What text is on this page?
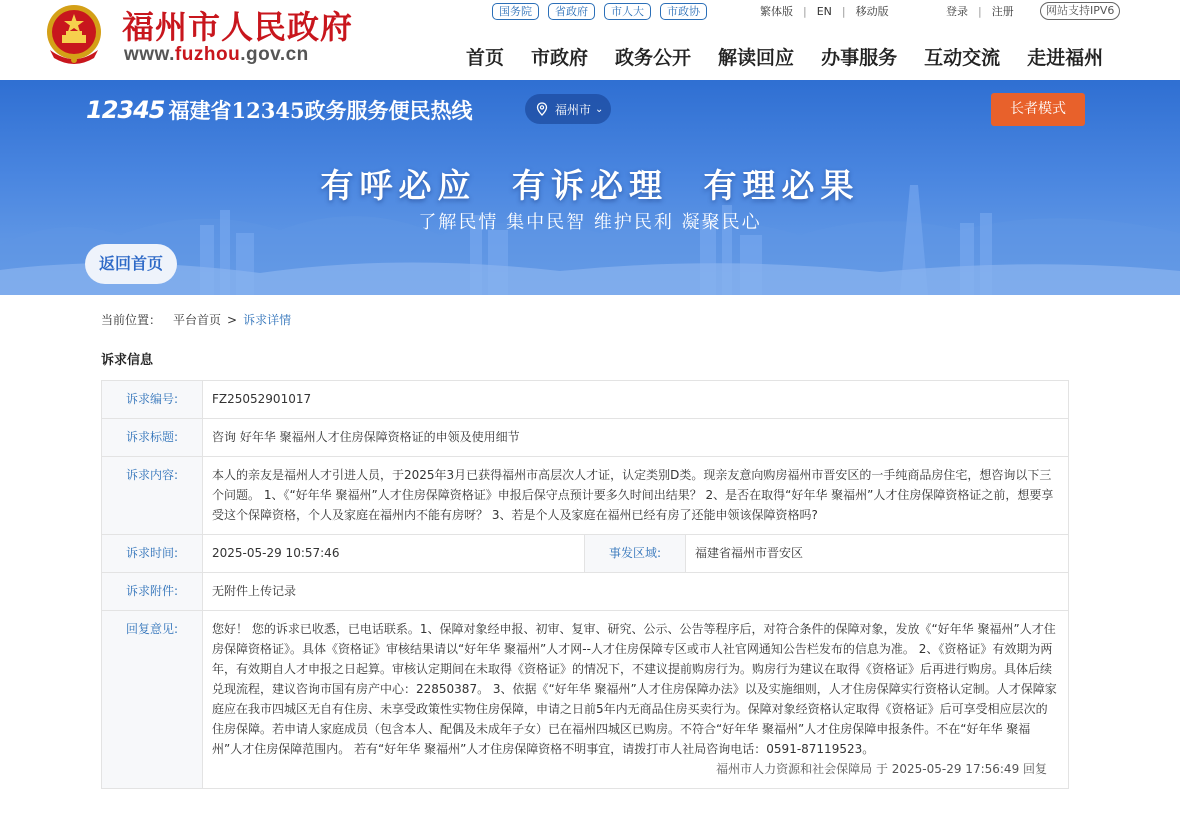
福州市人民政府
www.fuzhou.gov.cn
国务院	省政府	市人大	市政协	繁体版 | EN | 移动版	登录 | 注册	网站支持IPV6
首页 市政府 政务公开 解读回应 办事服务 互动交流 走进福州
12345 福建省12345政务服务便民热线	福州市 ⌄	长者模式
有呼必应 有诉必理 有理必果
了解民情 集中民智 维护民利 凝聚民心
返回首页
当前位置： 平台首页 > 诉求详情
诉求信息
诉求编号:	FZ25052901017		
诉求标题:	咨询 好年华 聚福州人才住房保障资格证的申领及使用细节		
诉求内容:	本人的亲友是福州人才引进人员，于2025年3月已获得福州市高层次人才证，认定类别D类。现亲友意向购房福州市晋安区的一手纯商品房住宅，想咨询以下三个问题。 1、《“好年华 聚福州”人才住房保障资格证》申报后保守点预计要多久时间出结果？ 2、是否在取得“好年华 聚福州”人才住房保障资格证之前，想要享受这个保障资格，个人及家庭在福州内不能有房呀？ 3、若是个人及家庭在福州已经有房了还能申领该保障资格吗?		
诉求时间:	2025-05-29 10:57:46	事发区域:	福建省福州市晋安区
诉求附件:	无附件上传记录		
回复意见:	您好！ 您的诉求已收悉，已电话联系。1、保障对象经申报、初审、复审、研究、公示、公告等程序后，对符合条件的保障对象，发放《“好年华 聚福州”人才住房保障资格证》。具体《资格证》审核结果请以“好年华 聚福州”人才网--人才住房保障专区或市人社官网通知公告栏发布的信息为准。 2、《资格证》有效期为两年，有效期自人才申报之日起算。审核认定期间在未取得《资格证》的情况下，不建议提前购房行为。购房行为建议在取得《资格证》后再进行购房。具体后续兑现流程，建议咨询市国有房产中心：22850387。 3、依据《“好年华 聚福州”人才住房保障办法》以及实施细则，人才住房保障实行资格认定制。人才保障家庭应在我市四城区无自有住房、未享受政策性实物住房保障，申请之日前5年内无商品住房买卖行为。保障对象经资格认定取得《资格证》后可享受相应层次的住房保障。若申请人家庭成员（包含本人、配偶及未成年子女）已在福州四城区已购房。不符合“好年华 聚福州”人才住房保障申报条件。不在“好年华 聚福州”人才住房保障范围内。 若有“好年华 聚福州”人才住房保障资格不明事宜，请拨打市人社局咨询电话：0591-87119523。
福州市人力资源和社会保障局 于 2025-05-29 17:56:49 回复		
